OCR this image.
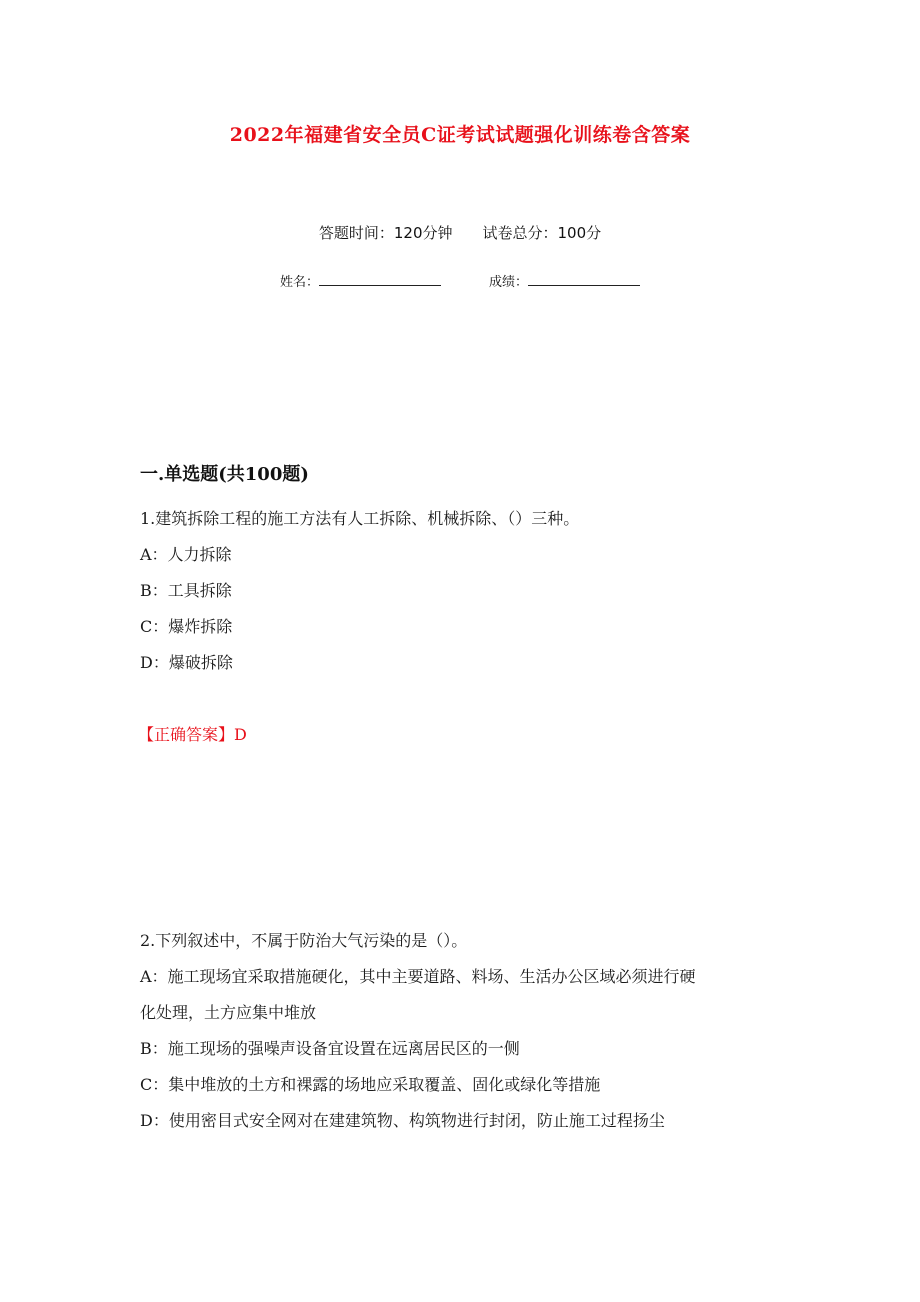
2022年福建省安全员C证考试试题强化训练卷含答案
答题时间：120分钟 试卷总分：100分
姓名：	成绩：
一.单选题(共100题)
1.建筑拆除工程的施工方法有人工拆除、机械拆除、（）三种。
A：人力拆除
B：工具拆除
C：爆炸拆除
D：爆破拆除
【正确答案】D
2.下列叙述中，不属于防治大气污染的是（）。
A：施工现场宜采取措施硬化，其中主要道路、料场、生活办公区域必须进行硬
化处理，土方应集中堆放
B：施工现场的强噪声设备宜设置在远离居民区的一侧
C：集中堆放的土方和裸露的场地应采取覆盖、固化或绿化等措施
D：使用密目式安全网对在建建筑物、构筑物进行封闭，防止施工过程扬尘
